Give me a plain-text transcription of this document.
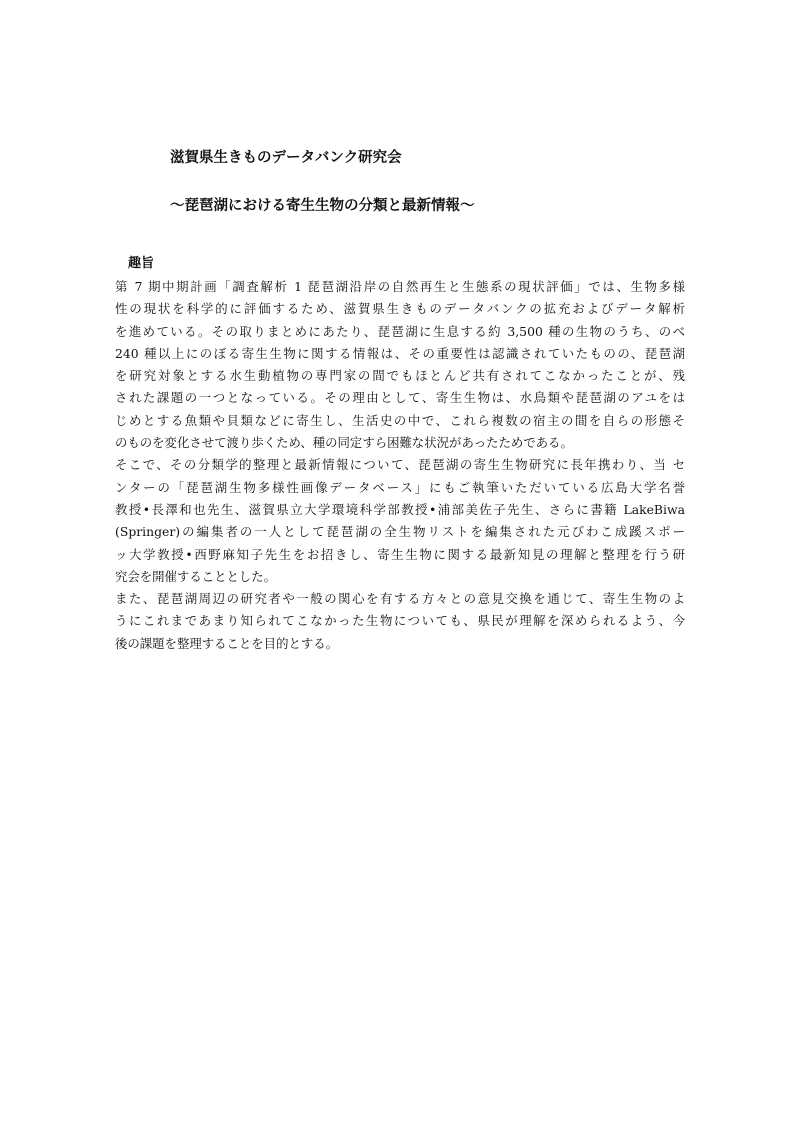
滋賀県生きものデータバンク研究会
～琵琶湖における寄生生物の分類と最新情報～
趣旨
第 7 期中期計画「調査解析 1 琵琶湖沿岸の自然再生と生態系の現状評価」では、生物多様
性の現状を科学的に評価するため、滋賀県生きものデータバンクの拡充およびデータ解析
を進めている。その取りまとめにあたり、琵琶湖に生息する約 3,500 種の生物のうち、のべ
240 種以上にのぼる寄生生物に関する情報は、その重要性は認識されていたものの、琵琶湖
を研究対象とする水生動植物の専門家の間でもほとんど共有されてこなかったことが、残
された課題の一つとなっている。その理由として、寄生生物は、水鳥類や琵琶湖のアユをは
じめとする魚類や貝類などに寄生し、生活史の中で、これら複数の宿主の間を自らの形態そ
のものを変化させて渡り歩くため、種の同定すら困難な状況があったためである。
そこで、その分類学的整理と最新情報について、琵琶湖の寄生生物研究に長年携わり、当 セ
ンターの「琵琶湖生物多様性画像データベース」にもご執筆いただいている広島大学名誉
教授•長澤和也先生、滋賀県立大学環境科学部教授•浦部美佐子先生、さらに書籍 LakeBiwa
(Springer)の編集者の一人として琵琶湖の全生物リストを編集された元びわこ成蹊スポー
ッ大学教授•西野麻知子先生をお招きし、寄生生物に関する最新知見の理解と整理を行う研
究会を開催することとした。
また、琵琶湖周辺の研究者や一般の関心を有する方々との意見交換を通じて、寄生生物のよ
うにこれまであまり知られてこなかった生物についても、県民が理解を深められるよう、今
後の課題を整理することを目的とする。
